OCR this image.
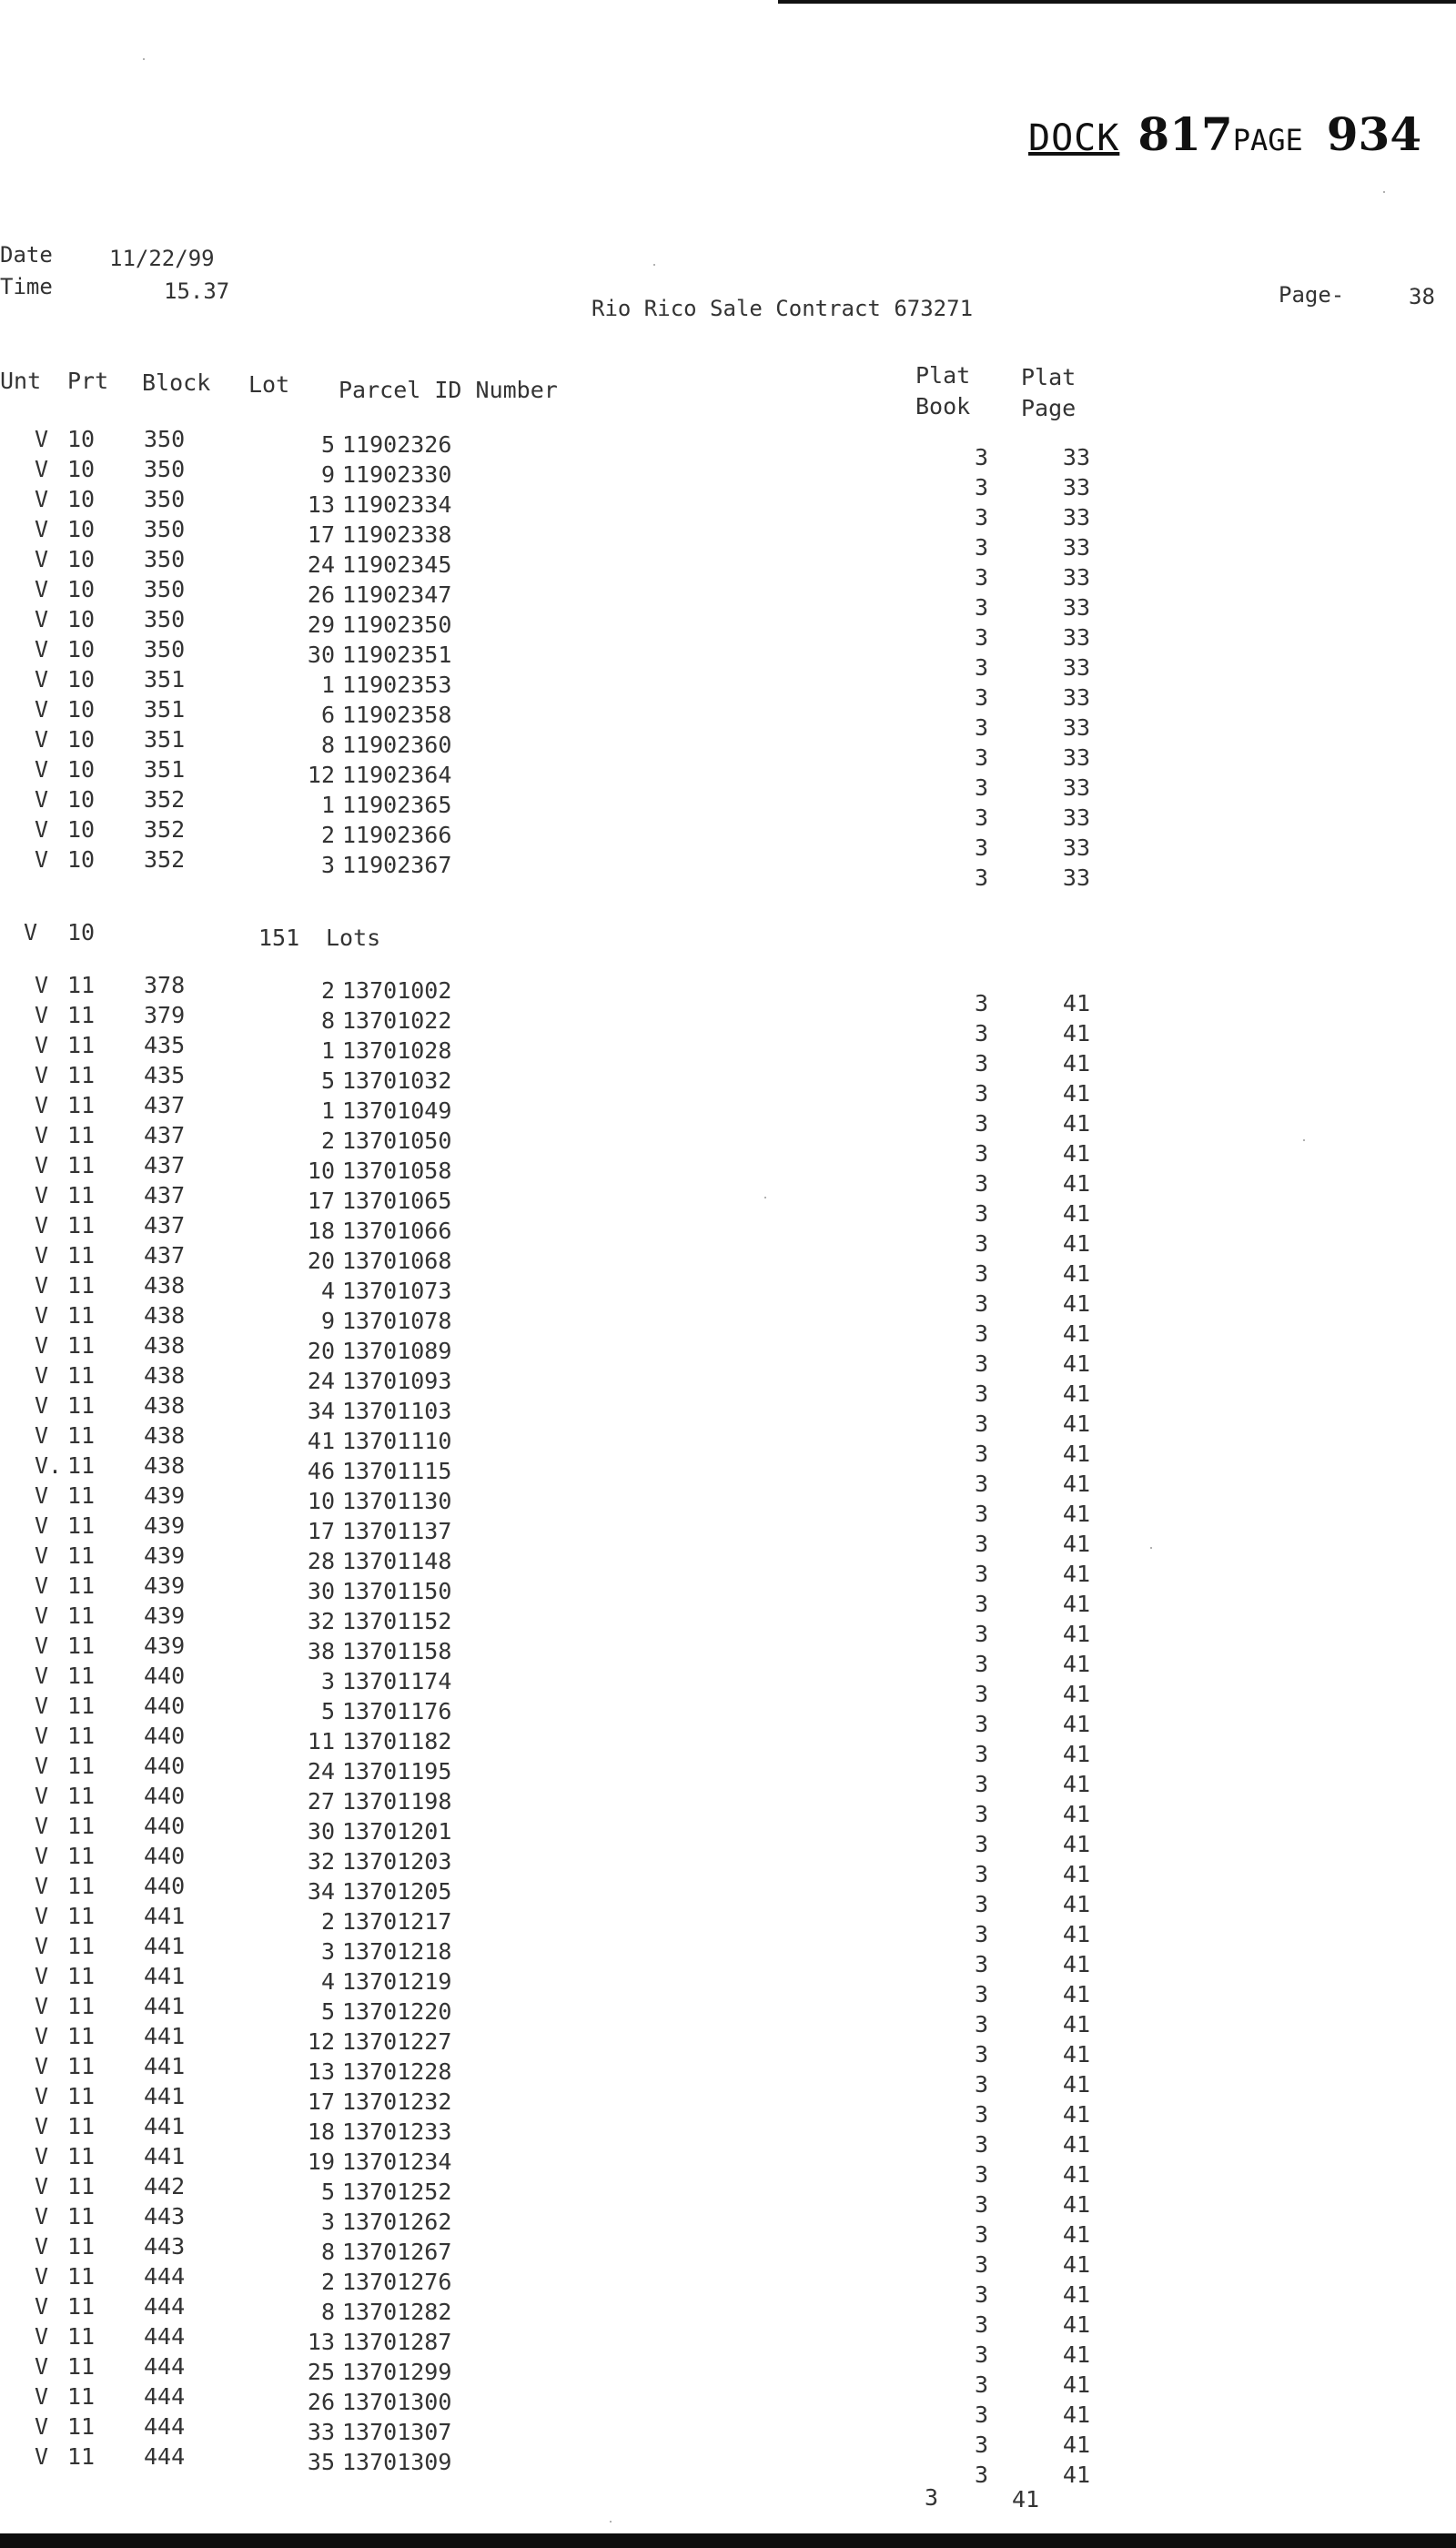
DOCK 817PAGE 934
Date	11/22/99
Time	15.37
Rio Rico Sale Contract 673271
Page-	38
Unt Prt Block Lot Parcel ID Number
Plat
Book
Plat
Page
V 10	350	5 11902326	3	33
V 10	350	9 11902330	3	33
V 10	350	13 11902334	3	33
V 10	350	17 11902338	3	33
V 10	350	24 11902345	3	33
V 10	350	26 11902347	3	33
V 10	350	29 11902350	3	33
V 10	350	30 11902351	3	33
V 10	351	1 11902353	3	33
V 10	351	6 11902358	3	33
V 10	351	8 11902360	3	33
V 10	351	12 11902364	3	33
V 10	352	1 11902365	3	33
V 10	352	2 11902366	3	33
V 10	352	3 11902367	3	33
V 10	151 Lots
V 11	378	2 13701002	3	41
V 11	379	8 13701022	3	41
V 11	435	1 13701028	3	41
V 11	435	5 13701032	3	41
V 11	437	1 13701049	3	41
V 11	437	2 13701050	3	41
V 11	437	10 13701058	3	41
V 11	437	17 13701065	3	41
V 11	437	18 13701066	3	41
V 11	437	20 13701068	3	41
V 11	438	4 13701073	3	41
V 11	438	9 13701078	3	41
V 11	438	20 13701089	3	41
V 11	438	24 13701093	3	41
V 11	438	34 13701103	3	41
V 11	438	41 13701110	3	41
V. 11	438	46 13701115	3	41
V 11	439	10 13701130	3	41
V 11	439	17 13701137	3	41
V 11	439	28 13701148	3	41
V 11	439	30 13701150	3	41
V 11	439	32 13701152	3	41
V 11	439	38 13701158	3	41
V 11	440	3 13701174	3	41
V 11	440	5 13701176	3	41
V 11	440	11 13701182	3	41
V 11	440	24 13701195	3	41
V 11	440	27 13701198	3	41
V 11	440	30 13701201	3	41
V 11	440	32 13701203	3	41
V 11	440	34 13701205	3	41
V 11	441	2 13701217	3	41
V 11	441	3 13701218	3	41
V 11	441	4 13701219	3	41
V 11	441	5 13701220	3	41
V 11	441	12 13701227	3	41
V 11	441	13 13701228	3	41
V 11	441	17 13701232	3	41
V 11	441	18 13701233	3	41
V 11	441	19 13701234	3	41
V 11	442	5 13701252	3	41
V 11	443	3 13701262	3	41
V 11	443	8 13701267	3	41
V 11	444	2 13701276	3	41
V 11	444	8 13701282	3	41
V 11	444	13 13701287	3	41
V 11	444	25 13701299	3	41
V 11	444	26 13701300	3	41
V 11	444	33 13701307	3	41
V 11	444	35 13701309	3	41
3	41
